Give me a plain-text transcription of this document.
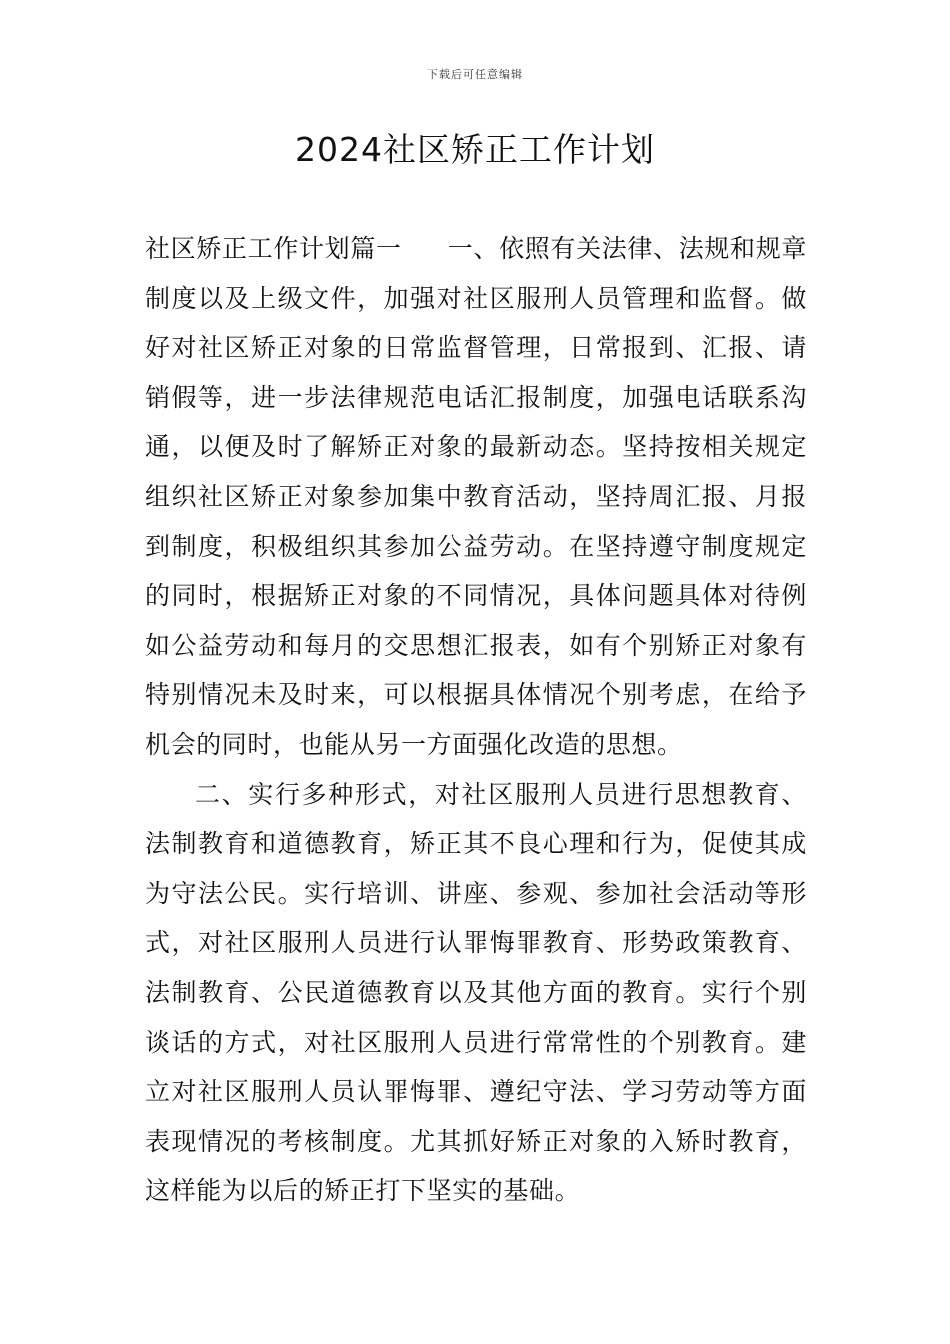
下载后可任意编辑
2024社区矫正工作计划

社区矫正工作计划篇一 一、依照有关法律、法规和规章制度以及上级文件，加强对社区服刑人员管理和监督。做好对社区矫正对象的日常监督管理，日常报到、汇报、请销假等，进一步法律规范电话汇报制度，加强电话联系沟通，以便及时了解矫正对象的最新动态。坚持按相关规定组织社区矫正对象参加集中教育活动，坚持周汇报、月报到制度，积极组织其参加公益劳动。在坚持遵守制度规定的同时，根据矫正对象的不同情况，具体问题具体对待例如公益劳动和每月的交思想汇报表，如有个别矫正对象有特别情况未及时来，可以根据具体情况个别考虑，在给予机会的同时，也能从另一方面强化改造的思想。

二、实行多种形式，对社区服刑人员进行思想教育、法制教育和道德教育，矫正其不良心理和行为，促使其成为守法公民。实行培训、讲座、参观、参加社会活动等形式，对社区服刑人员进行认罪悔罪教育、形势政策教育、法制教育、公民道德教育以及其他方面的教育。实行个别谈话的方式，对社区服刑人员进行常常性的个别教育。建立对社区服刑人员认罪悔罪、遵纪守法、学习劳动等方面表现情况的考核制度。尤其抓好矫正对象的入矫时教育，这样能为以后的矫正打下坚实的基础。
